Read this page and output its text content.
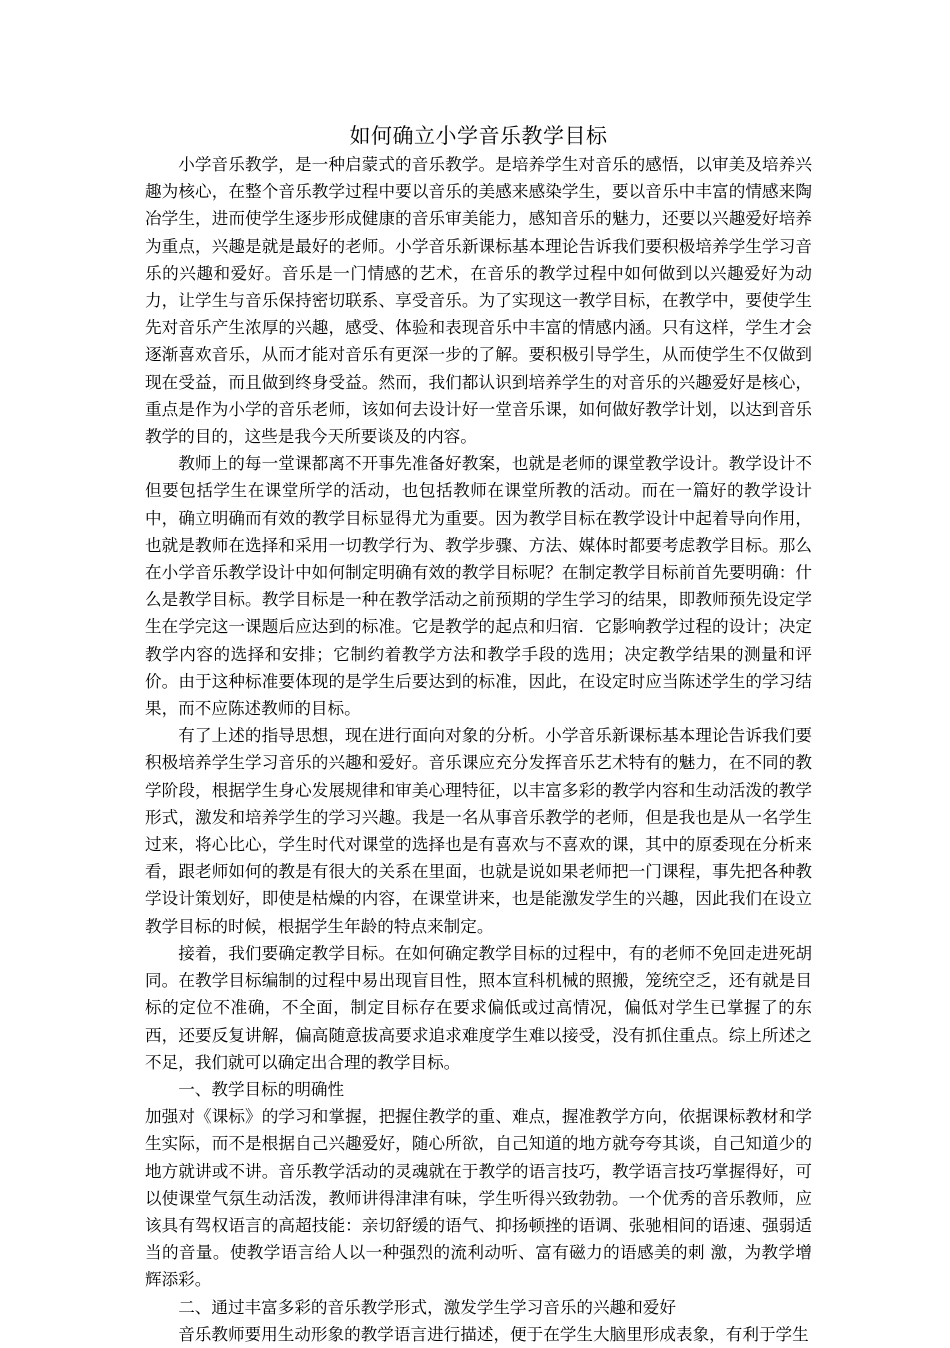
如何确立小学音乐教学目标

小学音乐教学，是一种启蒙式的音乐教学。是培养学生对音乐的感悟，以审美及培养兴趣为核心，在整个音乐教学过程中要以音乐的美感来感染学生，要以音乐中丰富的情感来陶冶学生，进而使学生逐步形成健康的音乐审美能力，感知音乐的魅力，还要以兴趣爱好培养为重点，兴趣是就是最好的老师。小学音乐新课标基本理论告诉我们要积极培养学生学习音乐的兴趣和爱好。音乐是一门情感的艺术，在音乐的教学过程中如何做到以兴趣爱好为动力，让学生与音乐保持密切联系、享受音乐。为了实现这一教学目标，在教学中，要使学生先对音乐产生浓厚的兴趣，感受、体验和表现音乐中丰富的情感内涵。只有这样，学生才会逐渐喜欢音乐，从而才能对音乐有更深一步的了解。要积极引导学生，从而使学生不仅做到现在受益，而且做到终身受益。然而，我们都认识到培养学生的对音乐的兴趣爱好是核心，重点是作为小学的音乐老师，该如何去设计好一堂音乐课，如何做好教学计划，以达到音乐教学的目的，这些是我今天所要谈及的内容。

教师上的每一堂课都离不开事先准备好教案，也就是老师的课堂教学设计。教学设计不但要包括学生在课堂所学的活动，也包括教师在课堂所教的活动。而在一篇好的教学设计中，确立明确而有效的教学目标显得尤为重要。因为教学目标在教学设计中起着导向作用，也就是教师在选择和采用一切教学行为、教学步骤、方法、媒体时都要考虑教学目标。那么在小学音乐教学设计中如何制定明确有效的教学目标呢？在制定教学目标前首先要明确：什么是教学目标。教学目标是一种在教学活动之前预期的学生学习的结果，即教师预先设定学生在学完这一课题后应达到的标准。它是教学的起点和归宿．它影响教学过程的设计；决定教学内容的选择和安排；它制约着教学方法和教学手段的选用；决定教学结果的测量和评价。由于这种标准要体现的是学生后要达到的标准，因此，在设定时应当陈述学生的学习结果，而不应陈述教师的目标。

有了上述的指导思想，现在进行面向对象的分析。小学音乐新课标基本理论告诉我们要积极培养学生学习音乐的兴趣和爱好。音乐课应充分发挥音乐艺术特有的魅力，在不同的教学阶段，根据学生身心发展规律和审美心理特征，以丰富多彩的教学内容和生动活泼的教学形式，激发和培养学生的学习兴趣。我是一名从事音乐教学的老师，但是我也是从一名学生过来，将心比心，学生时代对课堂的选择也是有喜欢与不喜欢的课，其中的原委现在分析来看，跟老师如何的教是有很大的关系在里面，也就是说如果老师把一门课程，事先把各种教学设计策划好，即使是枯燥的内容，在课堂讲来，也是能激发学生的兴趣，因此我们在设立教学目标的时候，根据学生年龄的特点来制定。

接着，我们要确定教学目标。在如何确定教学目标的过程中，有的老师不免回走进死胡同。在教学目标编制的过程中易出现盲目性，照本宣科机械的照搬，笼统空乏，还有就是目标的定位不准确，不全面，制定目标存在要求偏低或过高情况，偏低对学生已掌握了的东西，还要反复讲解，偏高随意拔高要求追求难度学生难以接受，没有抓住重点。综上所述之不足，我们就可以确定出合理的教学目标。

一、教学目标的明确性

加强对《课标》的学习和掌握，把握住教学的重、难点，握准教学方向，依据课标教材和学生实际，而不是根据自己兴趣爱好，随心所欲，自己知道的地方就夸夸其谈，自己知道少的地方就讲或不讲。音乐教学活动的灵魂就在于教学的语言技巧，教学语言技巧掌握得好，可以使课堂气氛生动活泼，教师讲得津津有味，学生听得兴致勃勃。一个优秀的音乐教师，应该具有驾权语言的高超技能：亲切舒缓的语气、抑扬顿挫的语调、张驰相间的语速、强弱适当的音量。使教学语言给人以一种强烈的流利动听、富有磁力的语感美的刺 激，为教学增辉添彩。

二、通过丰富多彩的音乐教学形式，激发学生学习音乐的兴趣和爱好

音乐教师要用生动形象的教学语言进行描述，便于在学生大脑里形成表象，有利于学生
